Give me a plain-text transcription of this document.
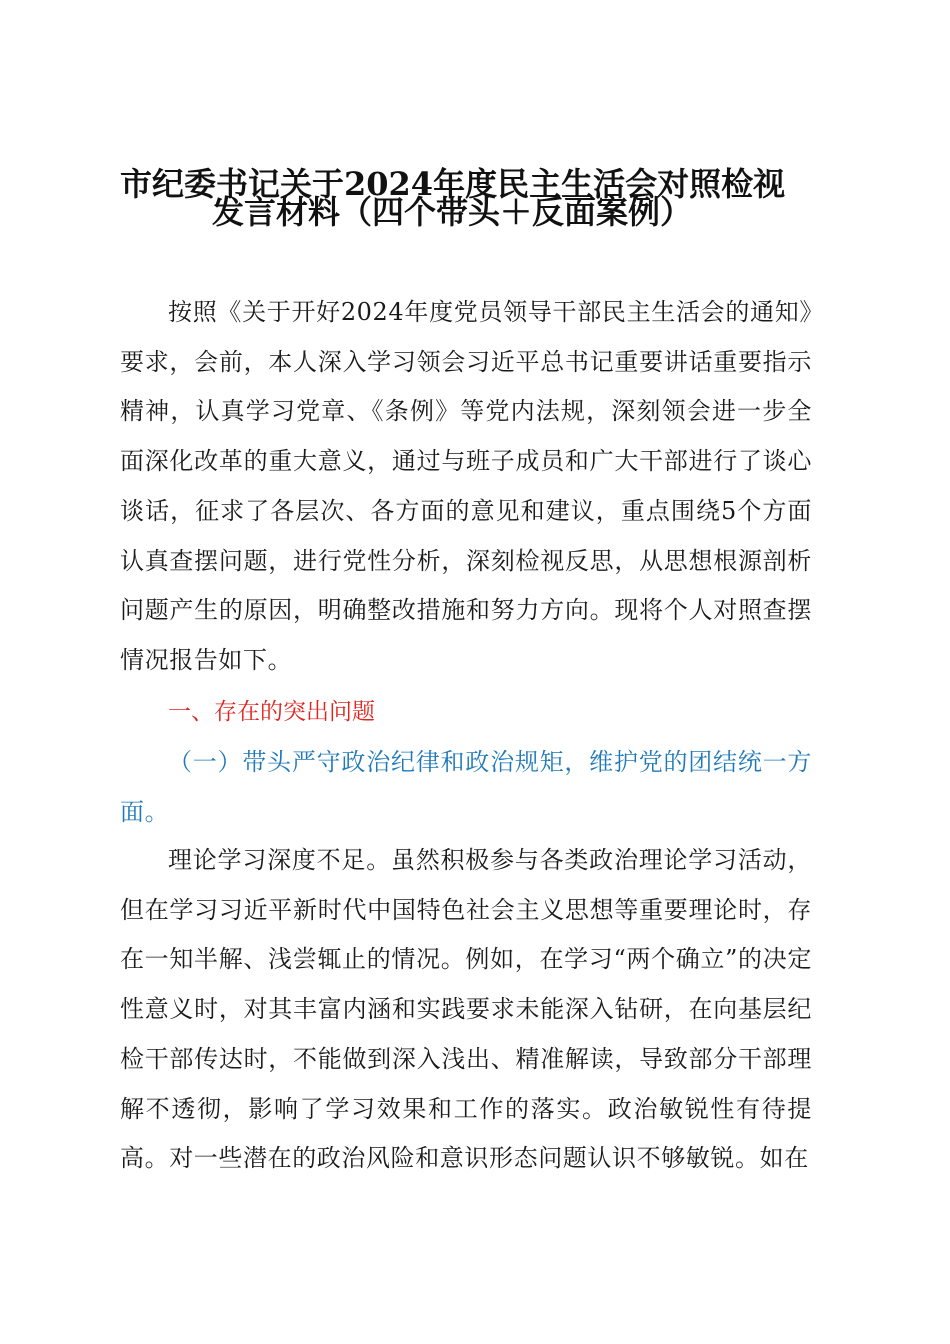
市纪委书记关于2024年度民主生活会对照检视
发言材料（四个带头＋反面案例）
按照《关于开好2024年度党员领导干部民主生活会的通知》要求，会前，本人深入学习领会习近平总书记重要讲话重要指示精神，认真学习党章、《条例》等党内法规，深刻领会进一步全面深化改革的重大意义，通过与班子成员和广大干部进行了谈心谈话，征求了各层次、各方面的意见和建议，重点围绕5个方面认真查摆问题，进行党性分析，深刻检视反思，从思想根源剖析问题产生的原因，明确整改措施和努力方向。现将个人对照查摆情况报告如下。
一、存在的突出问题
（一）带头严守政治纪律和政治规矩，维护党的团结统一方面。
理论学习深度不足。虽然积极参与各类政治理论学习活动，但在学习习近平新时代中国特色社会主义思想等重要理论时，存在一知半解、浅尝辄止的情况。例如，在学习“两个确立”的决定性意义时，对其丰富内涵和实践要求未能深入钻研，在向基层纪检干部传达时，不能做到深入浅出、精准解读，导致部分干部理解不透彻，影响了学习效果和工作的落实。政治敏锐性有待提高。对一些潜在的政治风险和意识形态问题认识不够敏锐。如在
